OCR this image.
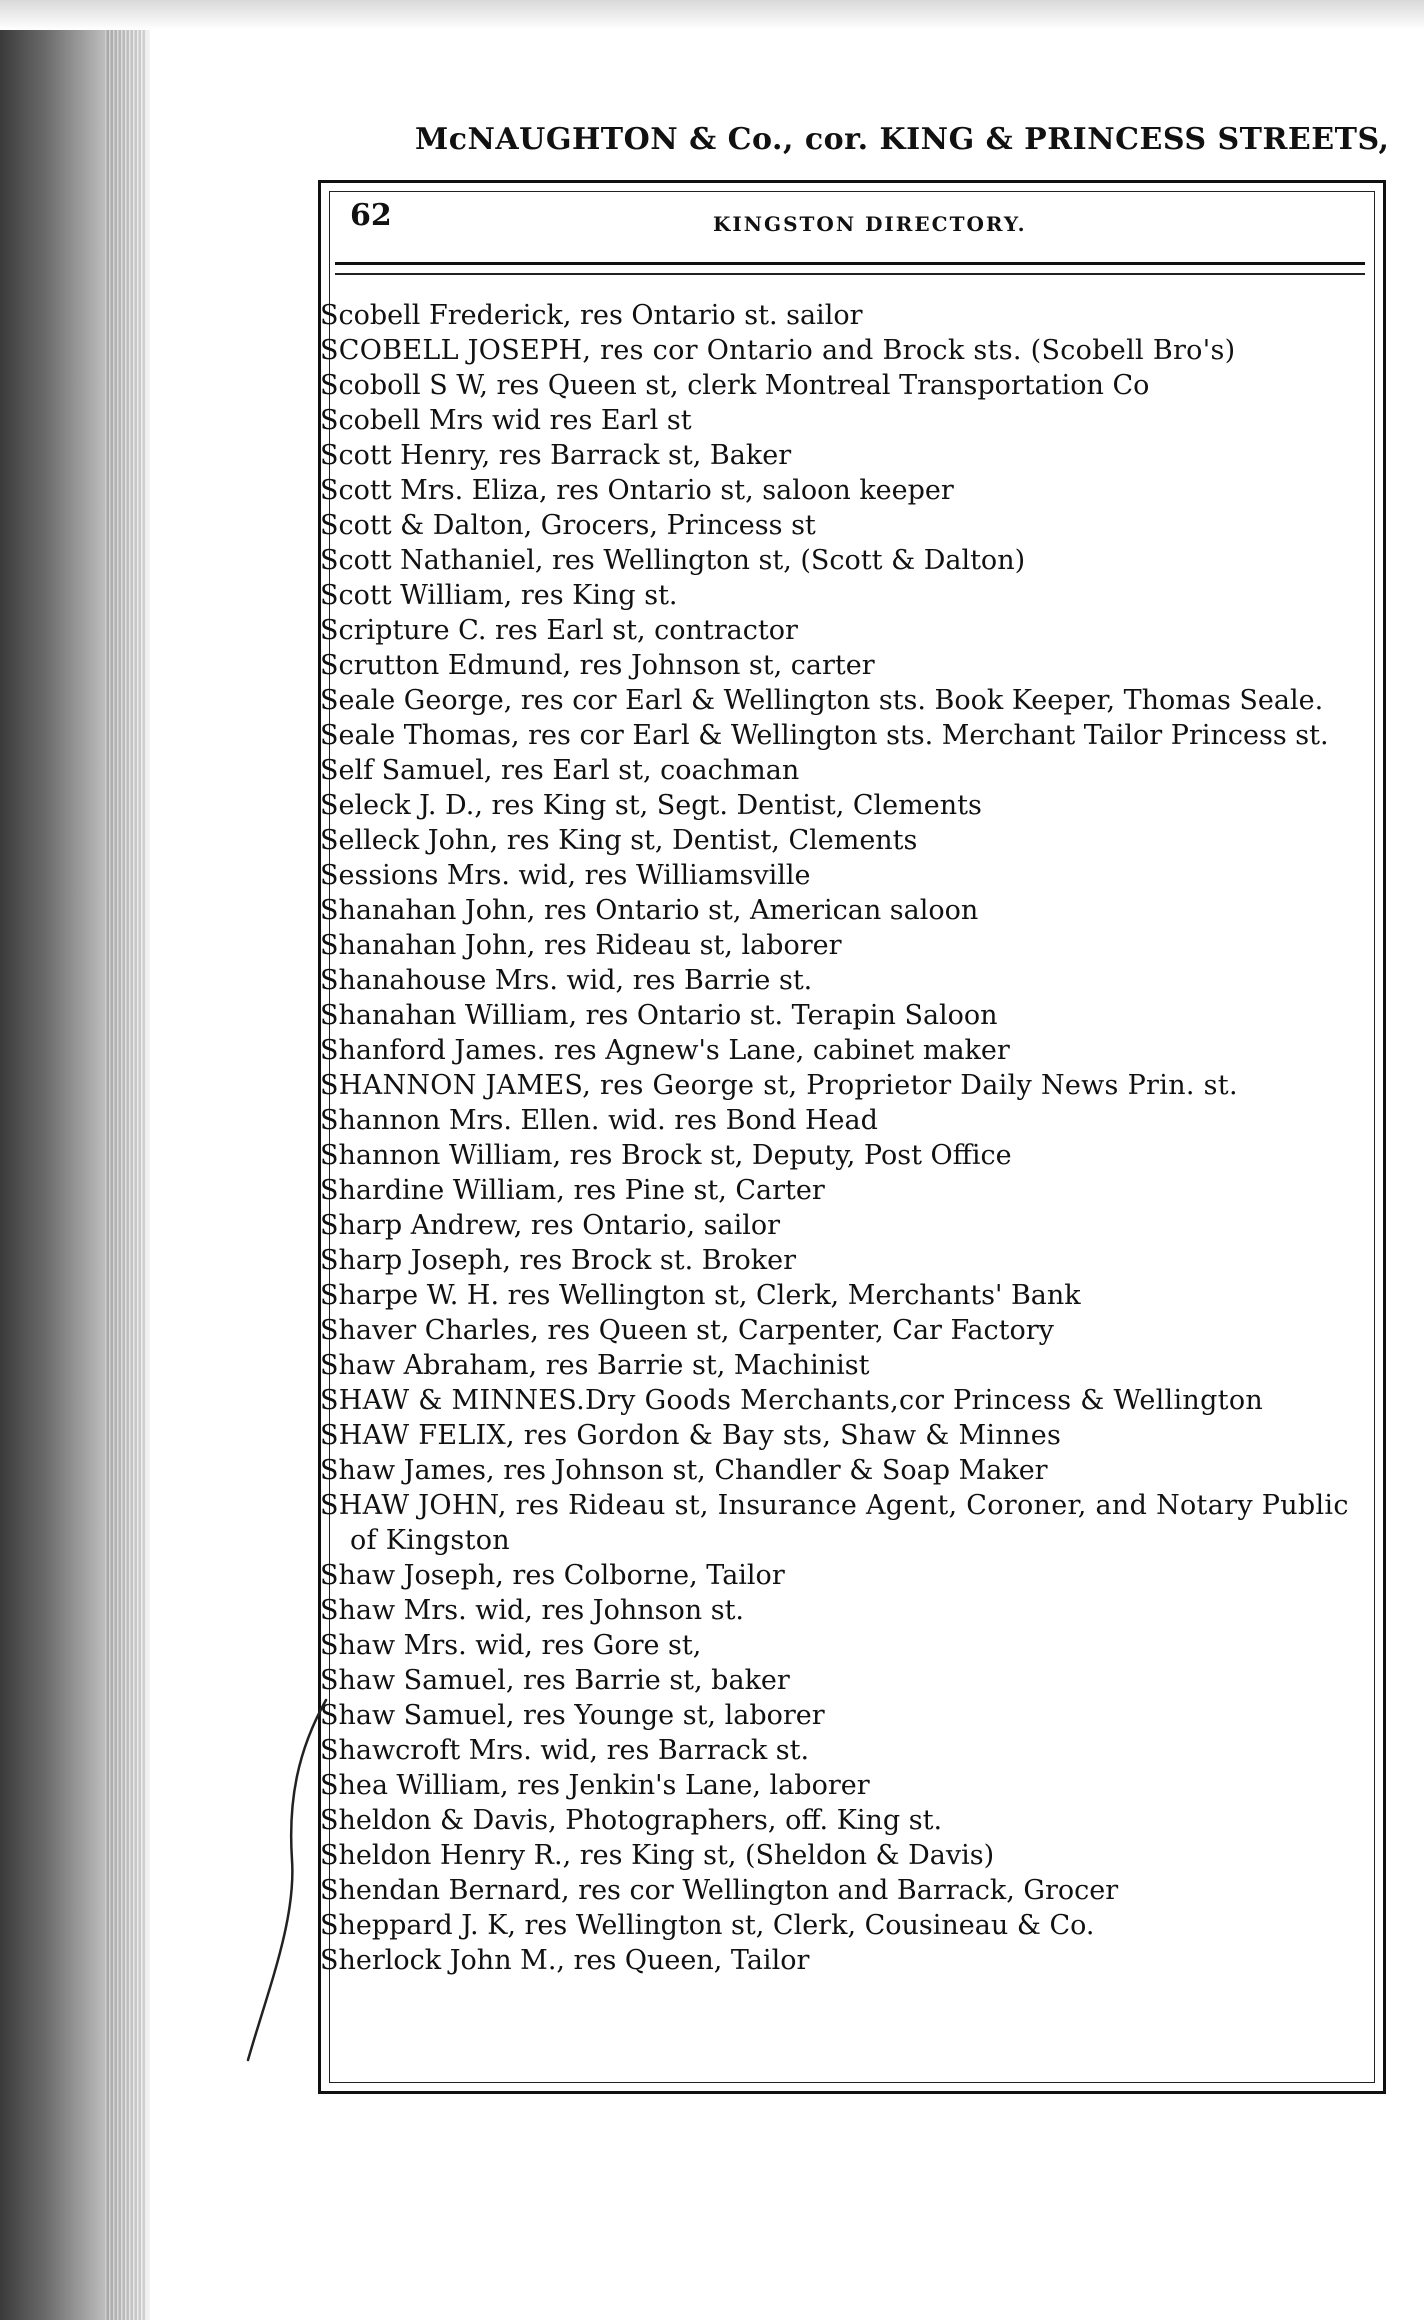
McNAUGHTON & Co., cor. KING & PRINCESS STREETS,
62	KINGSTON DIRECTORY.
Scobell Frederick, res Ontario st. sailor
SCOBELL JOSEPH, res cor Ontario and Brock sts. (Scobell Bro's)
Scoboll S W, res Queen st, clerk Montreal Transportation Co
Scobell Mrs wid res Earl st
Scott Henry, res Barrack st, Baker
Scott Mrs. Eliza, res Ontario st, saloon keeper
Scott & Dalton, Grocers, Princess st
Scott Nathaniel, res Wellington st, (Scott & Dalton)
Scott William, res King st.
Scripture C. res Earl st, contractor
Scrutton Edmund, res Johnson st, carter
Seale George, res cor Earl & Wellington sts. Book Keeper, Thomas Seale.
Seale Thomas, res cor Earl & Wellington sts. Merchant Tailor Princess st.
Self Samuel, res Earl st, coachman
Seleck J. D., res King st, Segt. Dentist, Clements
Selleck John, res King st, Dentist, Clements
Sessions Mrs. wid, res Williamsville
Shanahan John, res Ontario st, American saloon
Shanahan John, res Rideau st, laborer
Shanahouse Mrs. wid, res Barrie st.
Shanahan William, res Ontario st. Terapin Saloon
Shanford James. res Agnew's Lane, cabinet maker
SHANNON JAMES, res George st, Proprietor Daily News Prin. st.
Shannon Mrs. Ellen. wid. res Bond Head
Shannon William, res Brock st, Deputy, Post Office
Shardine William, res Pine st, Carter
Sharp Andrew, res Ontario, sailor
Sharp Joseph, res Brock st. Broker
Sharpe W. H. res Wellington st, Clerk, Merchants' Bank
Shaver Charles, res Queen st, Carpenter, Car Factory
Shaw Abraham, res Barrie st, Machinist
SHAW & MINNES.Dry Goods Merchants,cor Princess & Wellington
SHAW FELIX, res Gordon & Bay sts, Shaw & Minnes
Shaw James, res Johnson st, Chandler & Soap Maker
SHAW JOHN, res Rideau st, Insurance Agent, Coroner, and Notary Public of Kingston
Shaw Joseph, res Colborne, Tailor
Shaw Mrs. wid, res Johnson st.
Shaw Mrs. wid, res Gore st,
Shaw Samuel, res Barrie st, baker
Shaw Samuel, res Younge st, laborer
Shawcroft Mrs. wid, res Barrack st.
Shea William, res Jenkin's Lane, laborer
Sheldon & Davis, Photographers, off. King st.
Sheldon Henry R., res King st, (Sheldon & Davis)
Shendan Bernard, res cor Wellington and Barrack, Grocer
Sheppard J. K, res Wellington st, Clerk, Cousineau & Co.
Sherlock John M., res Queen, Tailor
